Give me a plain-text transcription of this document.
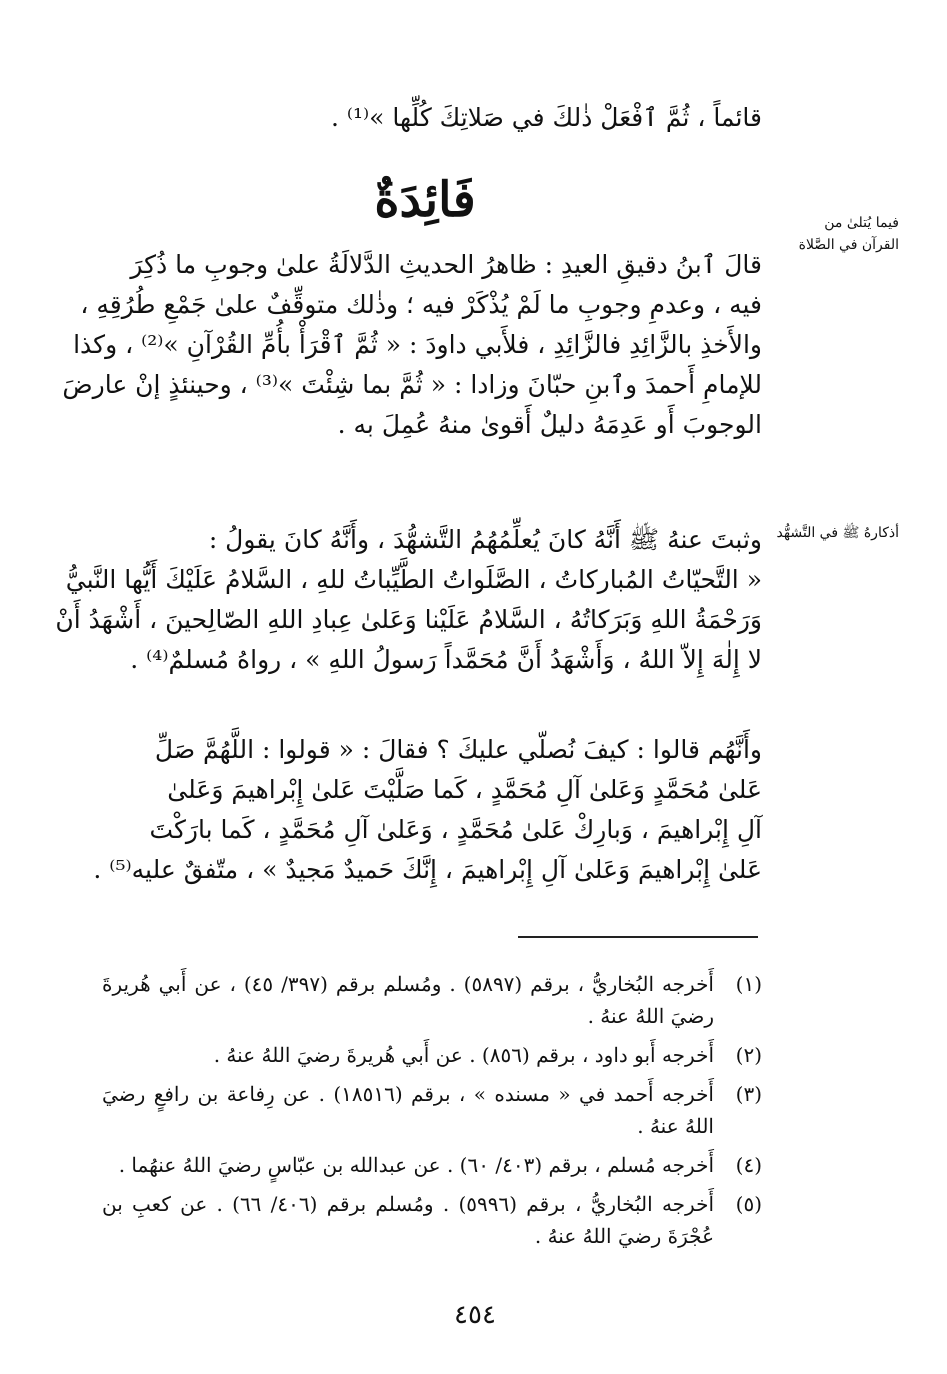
قائماً ، ثُمَّ ٱفْعَلْ ذٰلكَ في صَلاتِكَ كُلِّها »⁽¹⁾ .
فَائِدَةٌ	فيما يُتلىٰ من القرآن في الصَّلاة
قالَ ٱبنُ دقيقِ العيدِ : ظاهرُ الحديثِ الدَّلالَةُ علىٰ وجوبِ ما ذُكِرَ
فيه ، وعدمِ وجوبِ ما لَمْ يُذْكَرْ فيه ؛ وذٰلك متوقِّفٌ علىٰ جَمْعِ طُرُقِهِ ،
والأَخذِ بالزَّائِدِ فالزَّائِدِ ، فلأَبي داودَ : « ثُمَّ ٱقْرَأْ بأُمِّ القُرْآنِ »⁽²⁾ ، وكذا
للإمامِ أَحمدَ وٱبنِ حبّانَ وزادا : « ثُمَّ بما شِئْتَ »⁽³⁾ ، وحينئذٍ إنْ عارضَ
الوجوبَ أَو عَدِمَهُ دليلٌ أَقوىٰ منهُ عُمِلَ به .
أذكارهُ ﷺ في التَّشهُّد
وثبتَ عنهُ ﷺ أَنَّهُ كانَ يُعلِّمُهُمُ التَّشهُّدَ ، وأَنَّهُ كانَ يقولُ :
« التَّحيّاتُ المُباركاتُ ، الصَّلَواتُ الطَّيِّباتُ للهِ ، السَّلامُ عَلَيْكَ أَيُّها النَّبيُّ
وَرَحْمَةُ اللهِ وَبَرَكاتُهُ ، السَّلامُ عَلَيْنا وَعَلىٰ عِبادِ اللهِ الصّالِحينَ ، أَشْهَدُ أَنْ
لا إِلٰهَ إِلاّ اللهُ ، وَأَشْهَدُ أَنَّ مُحَمَّداً رَسولُ اللهِ » ، رواهُ مُسلمٌ⁽⁴⁾ .
وأَنَّهُم قالوا : كيفَ نُصلّي عليكَ ؟ فقالَ : « قولوا : اللَّهُمَّ صَلِّ
عَلىٰ مُحَمَّدٍ وَعَلىٰ آلِ مُحَمَّدٍ ، كَما صَلَّيْتَ عَلىٰ إِبْراهيمَ وَعَلىٰ
آلِ إِبْراهيمَ ، وَبارِكْ عَلىٰ مُحَمَّدٍ ، وَعَلىٰ آلِ مُحَمَّدٍ ، كَما بارَكْتَ
عَلىٰ إِبْراهيمَ وَعَلىٰ آلِ إِبْراهيمَ ، إِنَّكَ حَميدٌ مَجيدٌ » ، متّفقٌ عليه⁽⁵⁾ .
(١)
أَخرجه البُخاريُّ ، برقم (٥٨٩٧) . ومُسلم برقم (٣٩٧/ ٤٥) ، عن أَبي هُريرةَ رضيَ اللهُ عنهُ .
(٢)
أَخرجه أَبو داود ، برقم (٨٥٦) . عن أَبي هُريرةَ رضيَ اللهُ عنهُ .
(٣)
أَخرجه أَحمد في « مسنده » ، برقم (١٨٥١٦) . عن رِفاعة بن رافعٍ رضيَ اللهُ عنهُ .
(٤)
أَخرجه مُسلم ، برقم (٤٠٣/ ٦٠) . عن عبدالله بن عبّاسٍ رضيَ اللهُ عنهُما .
(٥)
أَخرجه البُخاريُّ ، برقم (٥٩٩٦) . ومُسلم برقم (٤٠٦/ ٦٦) . عن كعبِ بن عُجْرَةَ رضيَ اللهُ عنهُ .
٤٥٤
